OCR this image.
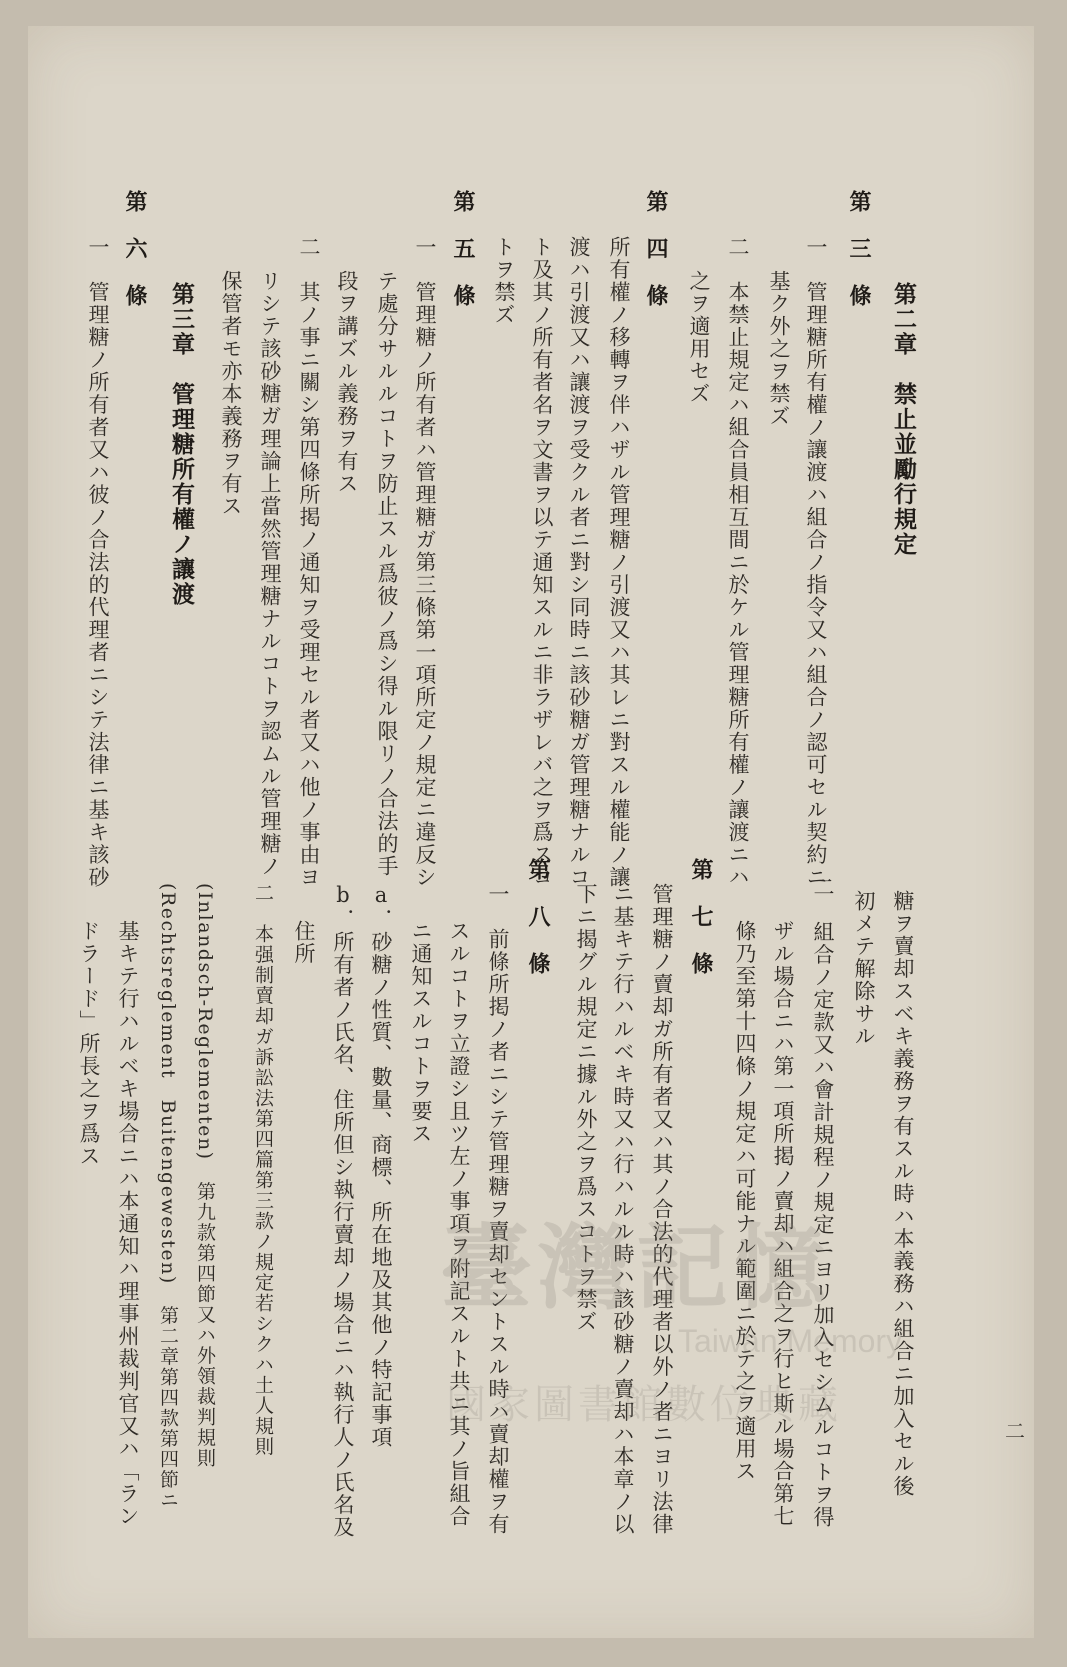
第二章　禁止並勵行規定
第　三　條
一　管理糖所有權ノ讓渡ハ組合ノ指令又ハ組合ノ認可セル契約ニ
基ク外之ヲ禁ズ
二　本禁止規定ハ組合員相互間ニ於ケル管理糖所有權ノ讓渡ニハ
之ヲ適用セズ
第　四　條
所有權ノ移轉ヲ伴ハザル管理糖ノ引渡又ハ其レニ對スル權能ノ讓
渡ハ引渡又ハ讓渡ヲ受クル者ニ對シ同時ニ該砂糖ガ管理糖ナルコ
ト及其ノ所有者名ヲ文書ヲ以テ通知スルニ非ラザレバ之ヲ爲スコ
トヲ禁ズ
第　五　條
一　管理糖ノ所有者ハ管理糖ガ第三條第一項所定ノ規定ニ違反シ
テ處分サルルコトヲ防止スル爲彼ノ爲シ得ル限リノ合法的手
段ヲ講ズル義務ヲ有ス
二　其ノ事ニ關シ第四條所掲ノ通知ヲ受理セル者又ハ他ノ事由ヨ
リシテ該砂糖ガ理論上當然管理糖ナルコトヲ認ムル管理糖ノ
保管者モ亦本義務ヲ有ス
第三章　管理糖所有權ノ讓渡
第　六　條
一　管理糖ノ所有者又ハ彼ノ合法的代理者ニシテ法律ニ基キ該砂
糖ヲ賣却スベキ義務ヲ有スル時ハ本義務ハ組合ニ加入セル後
初メテ解除サル
二　組合ノ定款又ハ會計規程ノ規定ニヨリ加入セシムルコトヲ得
ザル場合ニハ第一項所掲ノ賣却ハ組合之ヲ行ヒ斯ル場合第七
條乃至第十四條ノ規定ハ可能ナル範圍ニ於テ之ヲ適用ス
第　七　條
管理糖ノ賣却ガ所有者又ハ其ノ合法的代理者以外ノ者ニヨリ法律
ニ基キテ行ハルベキ時又ハ行ハルル時ハ該砂糖ノ賣却ハ本章ノ以
下ニ揭グル規定ニ據ル外之ヲ爲スコトヲ禁ズ
第　八　條
一　前條所掲ノ者ニシテ管理糖ヲ賣却セントスル時ハ賣却權ヲ有
スルコトヲ立證シ且ツ左ノ事項ヲ附記スルト共ニ其ノ旨組合
ニ通知スルコトヲ要ス
a．砂糖ノ性質、數量、商標、所在地及其他ノ特記事項
b．所有者ノ氏名、住所但シ執行賣却ノ場合ニハ執行人ノ氏名及
住所
二　本强制賣却ガ訴訟法第四篇第三款ノ規定若シクハ土人規則
(Inlandsch-Reglementen)　第九款第四節又ハ外領裁判規則
(Rechtsreglement　Buitengewesten)　第二章第四款第四節ニ
基キテ行ハルベキ場合ニハ本通知ハ理事州裁判官又ハ「ラン
ドラード」所長之ヲ爲ス
二
臺灣記憶
Taiwan Memory
國家圖書館數位典藏
